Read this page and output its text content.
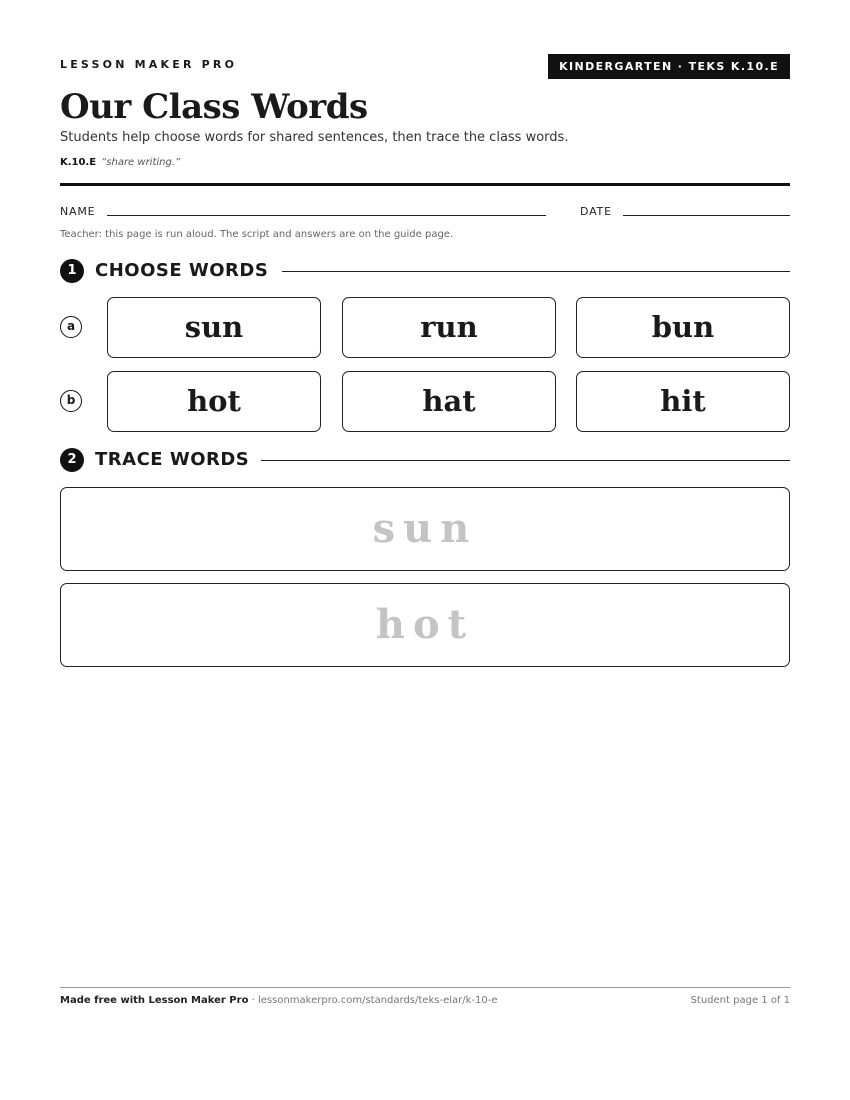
LESSON MAKER PRO	KINDERGARTEN · TEKS K.10.E
Our Class Words
Students help choose words for shared sentences, then trace the class words.
K.10.E “share writing.”
NAME	DATE
Teacher: this page is run aloud. The script and answers are on the guide page.
1	CHOOSE WORDS
a	sun	run	bun
b	hot	hat	hit
2	TRACE WORDS
sun
hot
Made free with Lesson Maker Pro · lessonmakerpro.com/standards/teks-elar/k-10-e	Student page 1 of 1
